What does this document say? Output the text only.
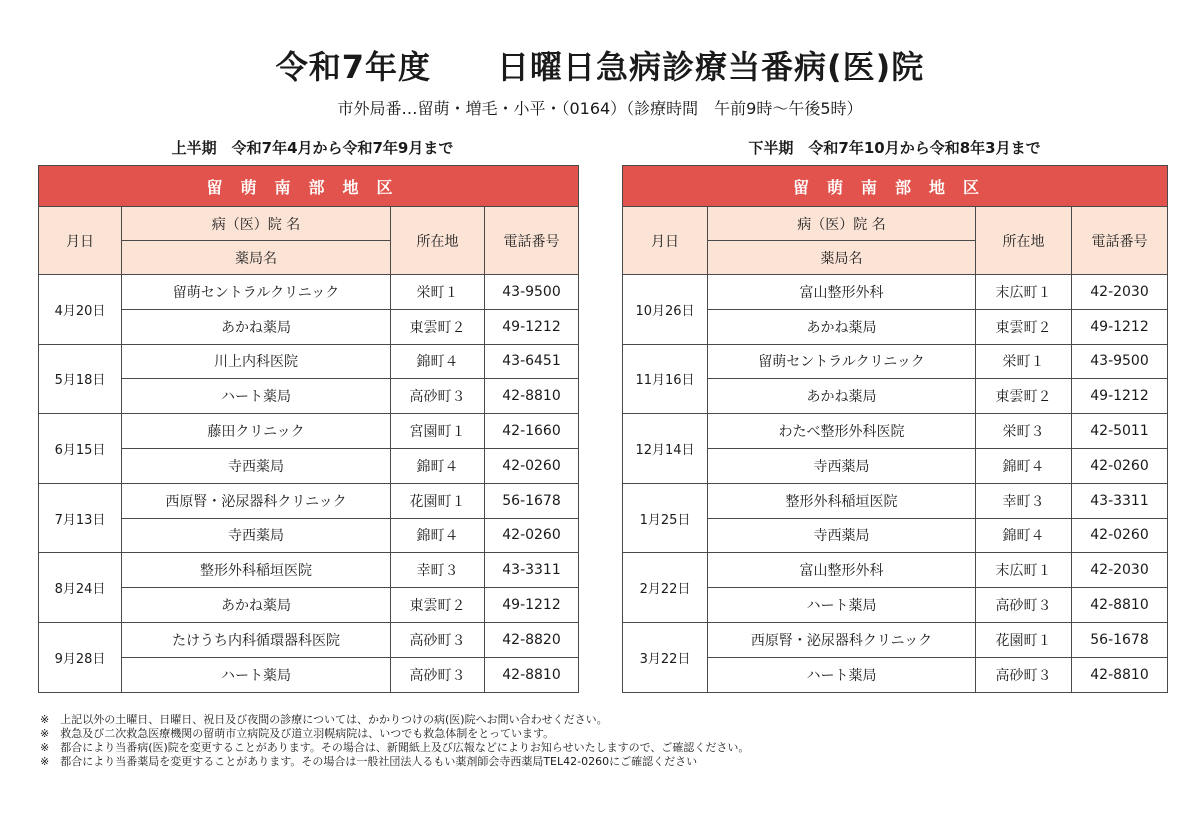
令和7年度　　日曜日急病診療当番病(医)院
市外局番…留萌・増毛・小平・（0164）（診療時間　午前9時～午後5時）
上半期　令和7年4月から令和7年9月まで	下半期　令和7年10月から令和8年3月まで
留萌南部地区			
月日	病（医）院 名	所在地	電話番号
	薬局名		
4月20日	留萌セントラルクリニック	栄町１	43-9500
	あかね薬局	東雲町２	49-1212
5月18日	川上内科医院	錦町４	43-6451
	ハート薬局	高砂町３	42-8810
6月15日	藤田クリニック	宮園町１	42-1660
	寺西薬局	錦町４	42-0260
7月13日	西原腎・泌尿器科クリニック	花園町１	56-1678
	寺西薬局	錦町４	42-0260
8月24日	整形外科稲垣医院	幸町３	43-3311
	あかね薬局	東雲町２	49-1212
9月28日	たけうち内科循環器科医院	高砂町３	42-8820
	ハート薬局	高砂町３	42-8810
留萌南部地区			
月日	病（医）院 名	所在地	電話番号
	薬局名		
10月26日	富山整形外科	末広町１	42-2030
	あかね薬局	東雲町２	49-1212
11月16日	留萌セントラルクリニック	栄町１	43-9500
	あかね薬局	東雲町２	49-1212
12月14日	わたべ整形外科医院	栄町３	42-5011
	寺西薬局	錦町４	42-0260
1月25日	整形外科稲垣医院	幸町３	43-3311
	寺西薬局	錦町４	42-0260
2月22日	富山整形外科	末広町１	42-2030
	ハート薬局	高砂町３	42-8810
3月22日	西原腎・泌尿器科クリニック	花園町１	56-1678
	ハート薬局	高砂町３	42-8810
※　上記以外の土曜日、日曜日、祝日及び夜間の診療については、かかりつけの病(医)院へお問い合わせください。
※　救急及び二次救急医療機関の留萌市立病院及び道立羽幌病院は、いつでも救急体制をとっています。
※　都合により当番病(医)院を変更することがあります。その場合は、新聞紙上及び広報などによりお知らせいたしますので、ご確認ください。
※　都合により当番薬局を変更することがあります。その場合は一般社団法人るもい薬剤師会寺西薬局TEL42-0260にご確認ください
